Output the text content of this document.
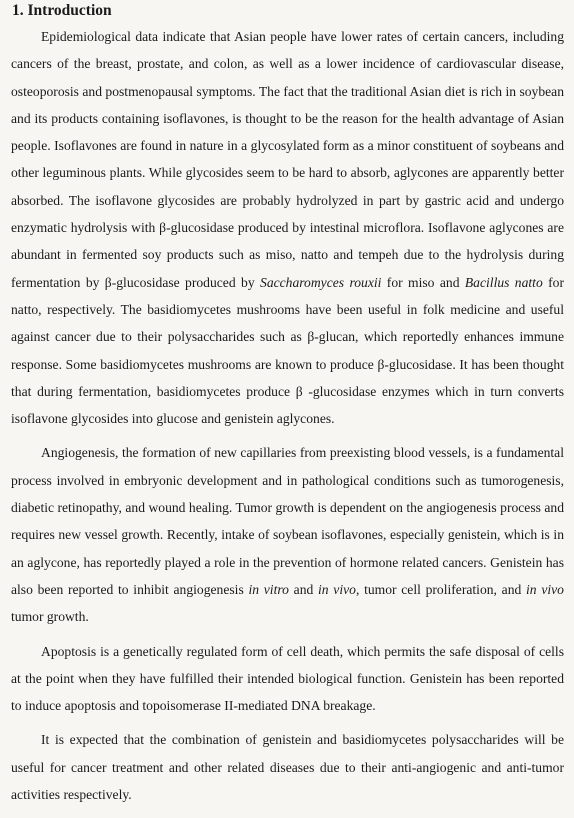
1. Introduction

Epidemiological data indicate that Asian people have lower rates of certain cancers, including cancers of the breast, prostate, and colon, as well as a lower incidence of cardiovascular disease, osteoporosis and postmenopausal symptoms. The fact that the traditional Asian diet is rich in soybean and its products containing isoflavones, is thought to be the reason for the health advantage of Asian people. Isoflavones are found in nature in a glycosylated form as a minor constituent of soybeans and other leguminous plants. While glycosides seem to be hard to absorb, aglycones are apparently better absorbed. The isoflavone glycosides are probably hydrolyzed in part by gastric acid and undergo enzymatic hydrolysis with β-glucosidase produced by intestinal microflora. Isoflavone aglycones are abundant in fermented soy products such as miso, natto and tempeh due to the hydrolysis during fermentation by β-glucosidase produced by Saccharomyces rouxii for miso and Bacillus natto for natto, respectively. The basidiomycetes mushrooms have been useful in folk medicine and useful against cancer due to their polysaccharides such as β-glucan, which reportedly enhances immune response. Some basidiomycetes mushrooms are known to produce β-glucosidase. It has been thought that during fermentation, basidiomycetes produce β -glucosidase enzymes which in turn converts isoflavone glycosides into glucose and genistein aglycones.

Angiogenesis, the formation of new capillaries from preexisting blood vessels, is a fundamental process involved in embryonic development and in pathological conditions such as tumorogenesis, diabetic retinopathy, and wound healing. Tumor growth is dependent on the angiogenesis process and requires new vessel growth. Recently, intake of soybean isoflavones, especially genistein, which is in an aglycone, has reportedly played a role in the prevention of hormone related cancers. Genistein has also been reported to inhibit angiogenesis in vitro and in vivo, tumor cell proliferation, and in vivo tumor growth.

Apoptosis is a genetically regulated form of cell death, which permits the safe disposal of cells at the point when they have fulfilled their intended biological function. Genistein has been reported to induce apoptosis and topoisomerase II-mediated DNA breakage.

It is expected that the combination of genistein and basidiomycetes polysaccharides will be useful for cancer treatment and other related diseases due to their anti-angiogenic and anti-tumor activities respectively.
